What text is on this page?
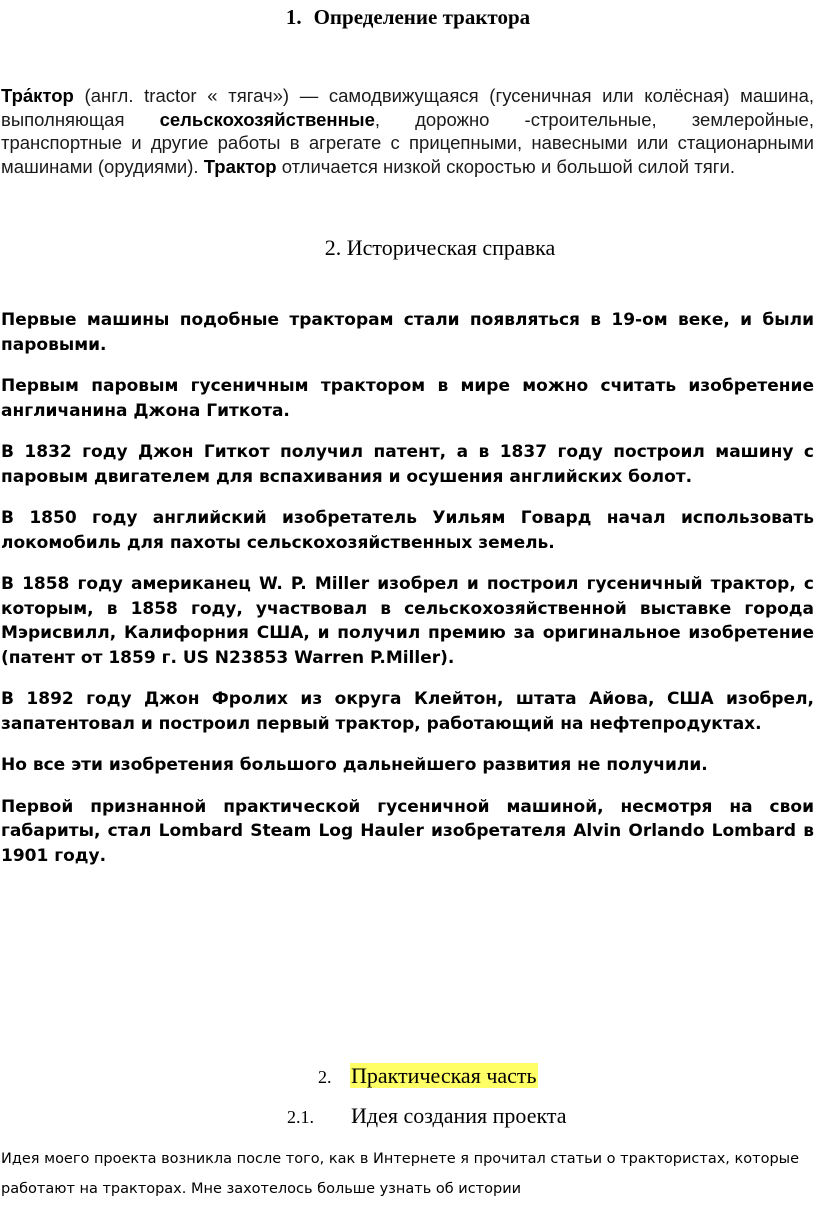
1. Определение трактора
Тра́ктор (англ. tractor « тягач») — самодвижущаяся (гусеничная или колёсная) машина, выполняющая сельскохозяйственные, дорожно -строительные, землеройные, транспортные и другие работы в агрегате с прицепными, навесными или стационарными машинами (орудиями). Трактор отличается низкой скоростью и большой силой тяги.
2. Историческая справка

Первые машины подобные тракторам стали появляться в 19-ом веке, и были паровыми.

Первым паровым гусеничным трактором в мире можно считать изобретение англичанина Джона Гиткота.

В 1832 году Джон Гиткот получил патент, а в 1837 году построил машину с паровым двигателем для вспахивания и осушения английских болот.

В 1850 году английский изобретатель Уильям Говард начал использовать локомобиль для пахоты сельскохозяйственных земель.

В 1858 году американец W. P. Miller изобрел и построил гусеничный трактор, с которым, в 1858 году, участвовал в сельскохозяйственной выставке города Мэрисвилл, Калифорния США, и получил премию за оригинальное изобретение (патент от 1859 г. US N23853 Warren P.Miller).

В 1892 году Джон Фролих из округа Клейтон, штата Айова, США изобрел, запатентовал и построил первый трактор, работающий на нефтепродуктах.

Но все эти изобретения большого дальнейшего развития не получили.

Первой признанной практической гусеничной машиной, несмотря на свои габариты, стал Lombard Steam Log Hauler изобретателя Alvin Orlando Lombard в 1901 году.

2. Практическая часть
2.1. Идея создания проекта
Идея моего проекта возникла после того, как в Интернете я прочитал статьи о трактористах, которые работают на тракторах. Мне захотелось больше узнать об истории
